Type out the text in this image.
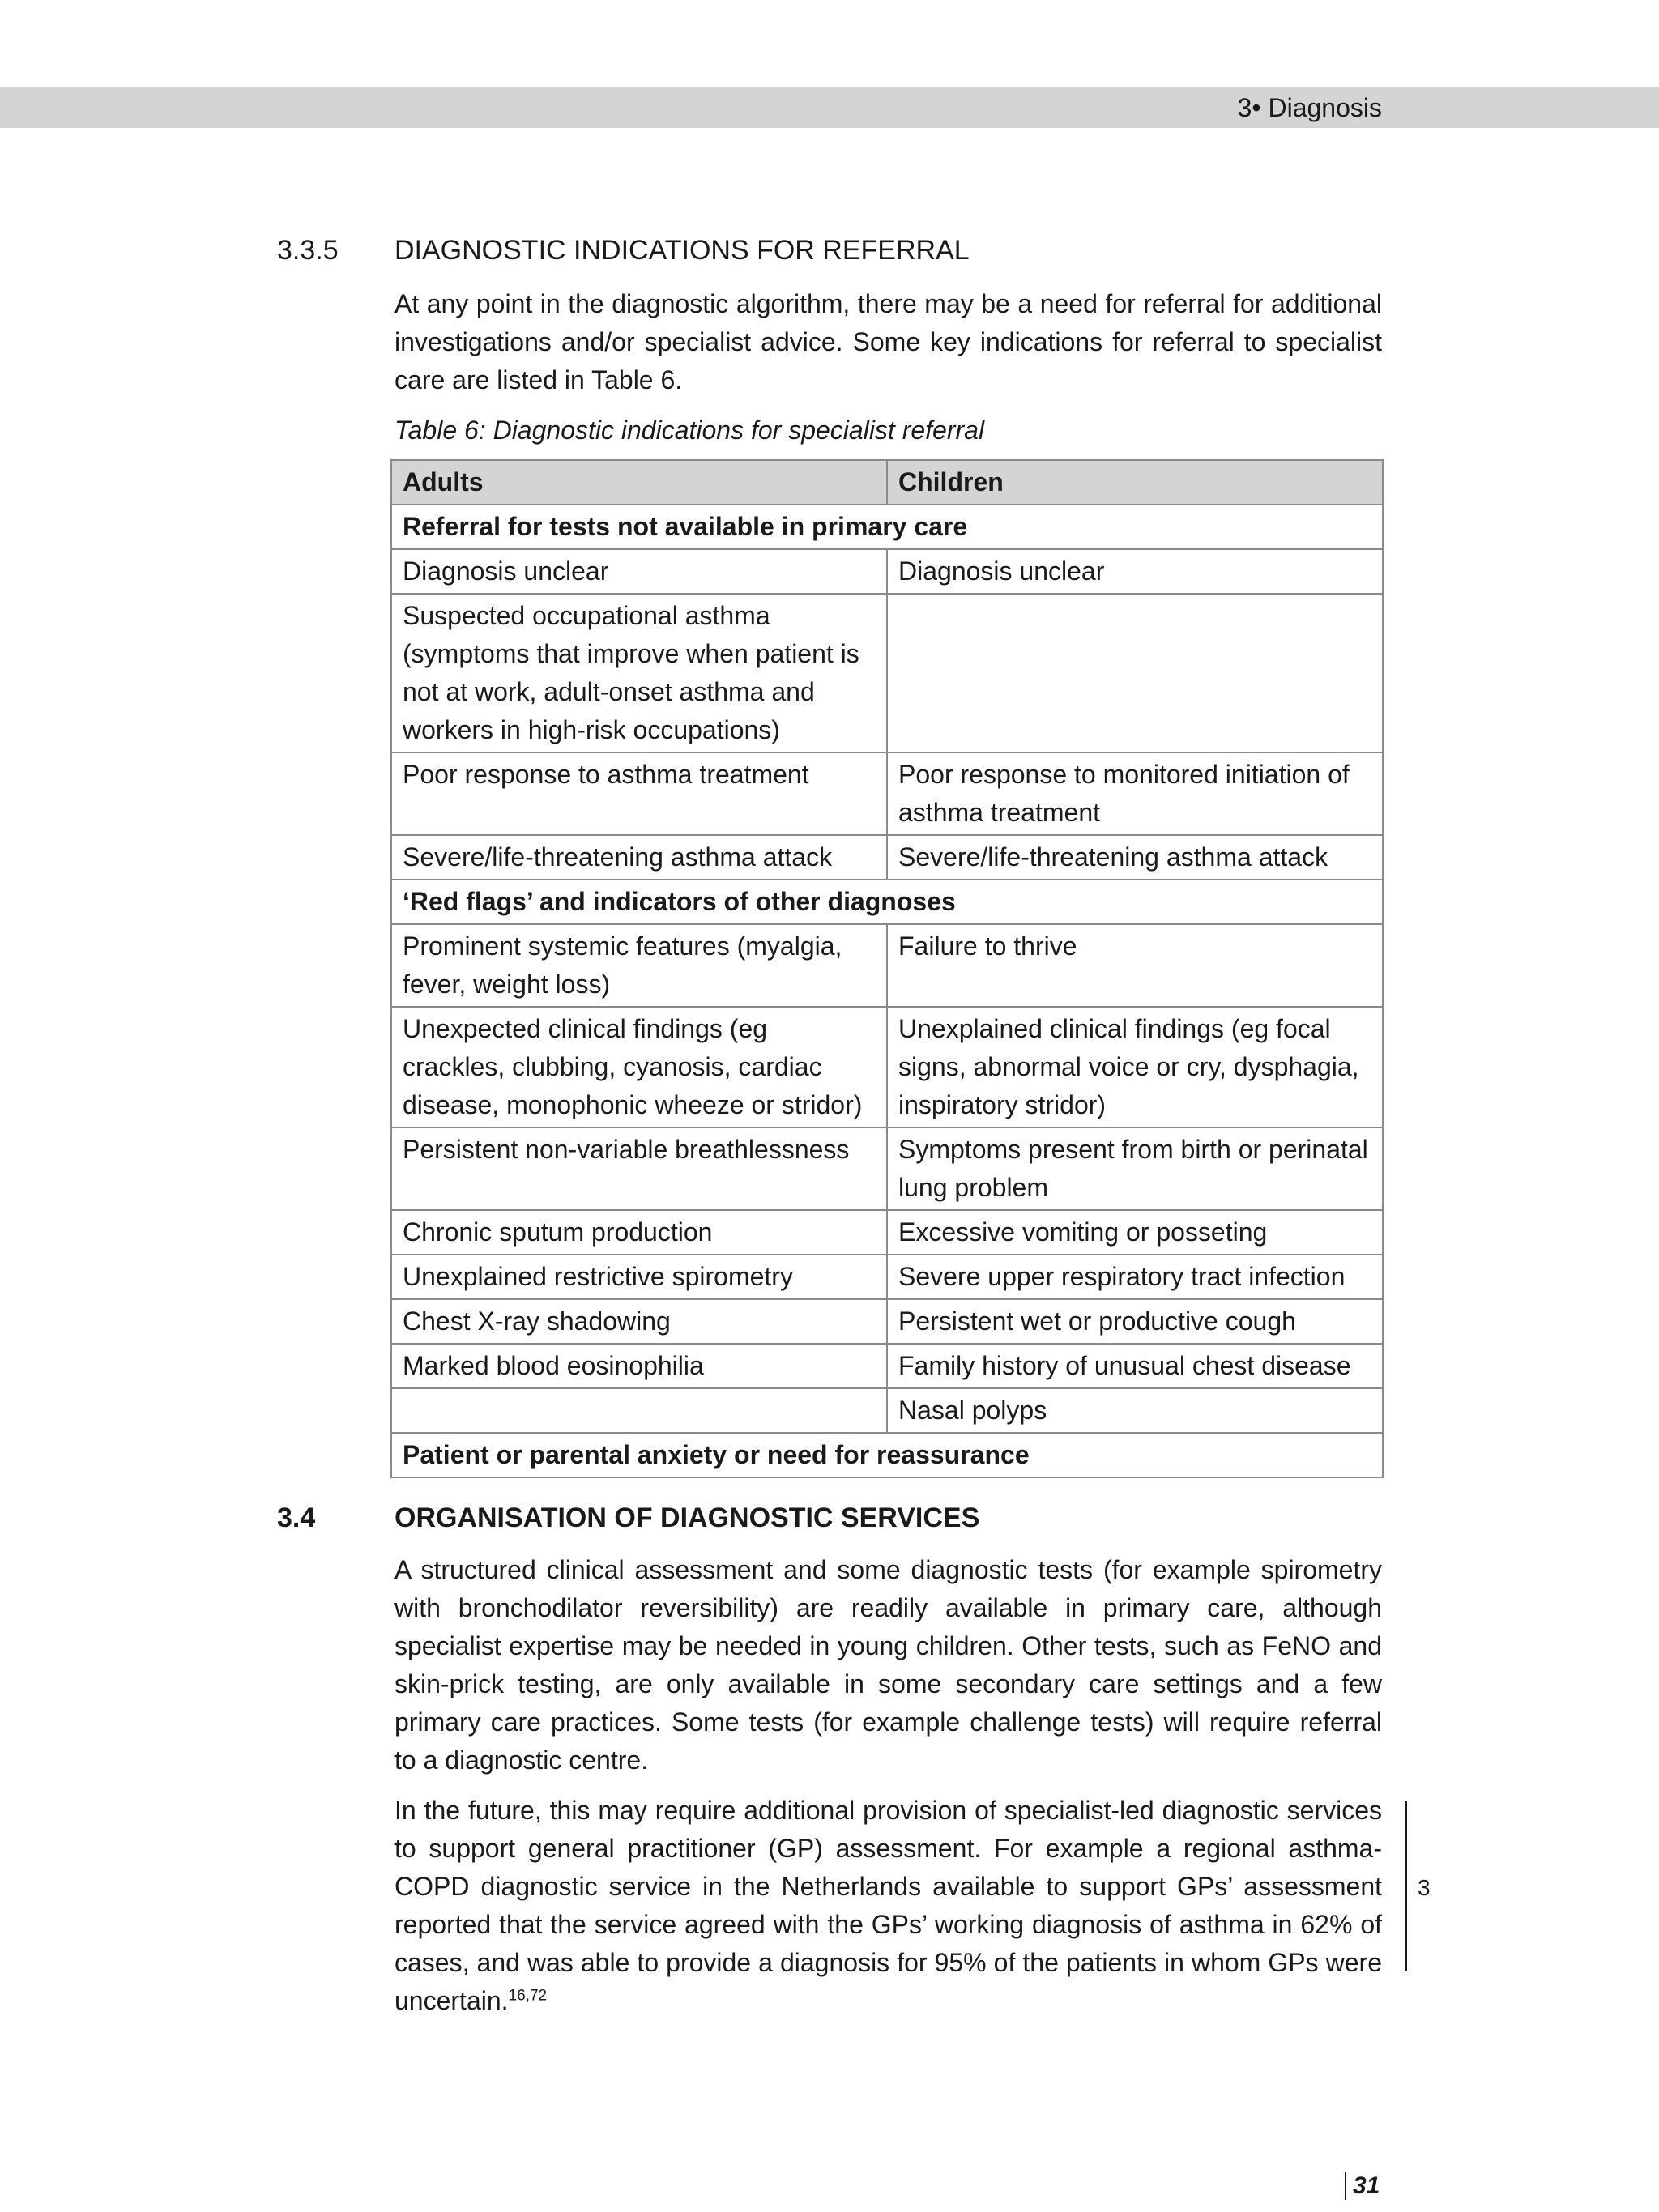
3• Diagnosis
3.3.5 DIAGNOSTIC INDICATIONS FOR REFERRAL

At any point in the diagnostic algorithm, there may be a need for referral for additional investigations and/or specialist advice. Some key indications for referral to specialist care are listed in Table 6.

Table 6: Diagnostic indications for specialist referral
Adults	Children
Referral for tests not available in primary care	
Diagnosis unclear	Diagnosis unclear
Suspected occupational asthma (symptoms that improve when patient is not at work, adult-onset asthma and workers in high-risk occupations)	
Poor response to asthma treatment	Poor response to monitored initiation of asthma treatment
Severe/life-threatening asthma attack	Severe/life-threatening asthma attack
‘Red flags’ and indicators of other diagnoses	
Prominent systemic features (myalgia, fever, weight loss)	Failure to thrive
Unexpected clinical findings (eg crackles, clubbing, cyanosis, cardiac disease, monophonic wheeze or stridor)	Unexplained clinical findings (eg focal signs, abnormal voice or cry, dysphagia, inspiratory stridor)
Persistent non-variable breathlessness	Symptoms present from birth or perinatal lung problem
Chronic sputum production	Excessive vomiting or posseting
Unexplained restrictive spirometry	Severe upper respiratory tract infection
Chest X-ray shadowing	Persistent wet or productive cough
Marked blood eosinophilia	Family history of unusual chest disease
	Nasal polyps
Patient or parental anxiety or need for reassurance	
3.4	ORGANISATION OF DIAGNOSTIC SERVICES

A structured clinical assessment and some diagnostic tests (for example spirometry with bronchodilator reversibility) are readily available in primary care, although specialist expertise may be needed in young children. Other tests, such as FeNO and skin-prick testing, are only available in some secondary care settings and a few primary care practices. Some tests (for example challenge tests) will require referral to a diagnostic centre.

In the future, this may require additional provision of specialist-led diagnostic services to support general practitioner (GP) assessment. For example a regional asthma-COPD diagnostic service in the Netherlands available to support GPs’ assessment reported that the service agreed with the GPs’ working diagnosis of asthma in 62% of cases, and was able to provide a diagnosis for 95% of the patients in whom GPs were uncertain.$^{16,72}$

3
31
